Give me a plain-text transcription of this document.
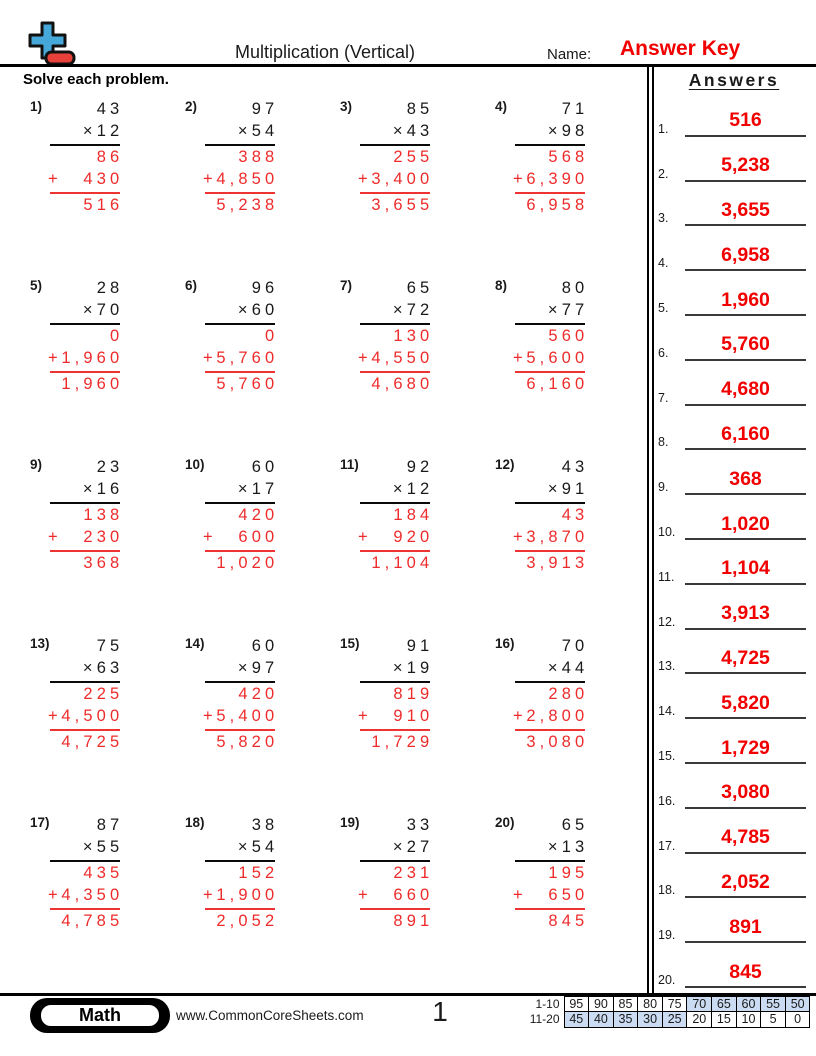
Multiplication (Vertical)	Name: Answer Key
Solve each problem.
1)	43
× 12
86
+ 430
516
2)	97
× 54
388
+ 4,850
5,238
3)	85
× 43
255
+ 3,400
3,655
4)	71
× 98
568
+ 6,390
6,958
5)	28
× 70
0
+ 1,960
1,960
6)	96
× 60
0
+ 5,760
5,760
7)	65
× 72
130
+ 4,550
4,680
8)	80
× 77
560
+ 5,600
6,160
9)	23
× 16
138
+ 230
368
10)	60
× 17
420
+ 600
1,020
11)	92
× 12
184
+ 920
1,104
12)	43
× 91
43
+ 3,870
3,913
13)	75
× 63
225
+ 4,500
4,725
14)	60
× 97
420
+ 5,400
5,820
15)	91
× 19
819
+ 910
1,729
16)	70
× 44
280
+ 2,800
3,080
17)	87
× 55
435
+ 4,350
4,785
18)	38
× 54
152
+ 1,900
2,052
19)	33
× 27
231
+ 660
891
20)	65
× 13
195
+ 650
845
Answers
1.	516
2.	5,238
3.	3,655
4.	6,958
5.	1,960
6.	5,760
7.	4,680
8.	6,160
9.	368
10.	1,020
11.	1,104
12.	3,913
13.	4,725
14.	5,820
15.	1,729
16.	3,080
17.	4,785
18.	2,052
19.	891
20.	845
Math	www.CommonCoreSheets.com	1	1-10	95	90	85	80	75	70	65	60	55	50
11-20	45	40	35	30	25	20	15	10	5	0
